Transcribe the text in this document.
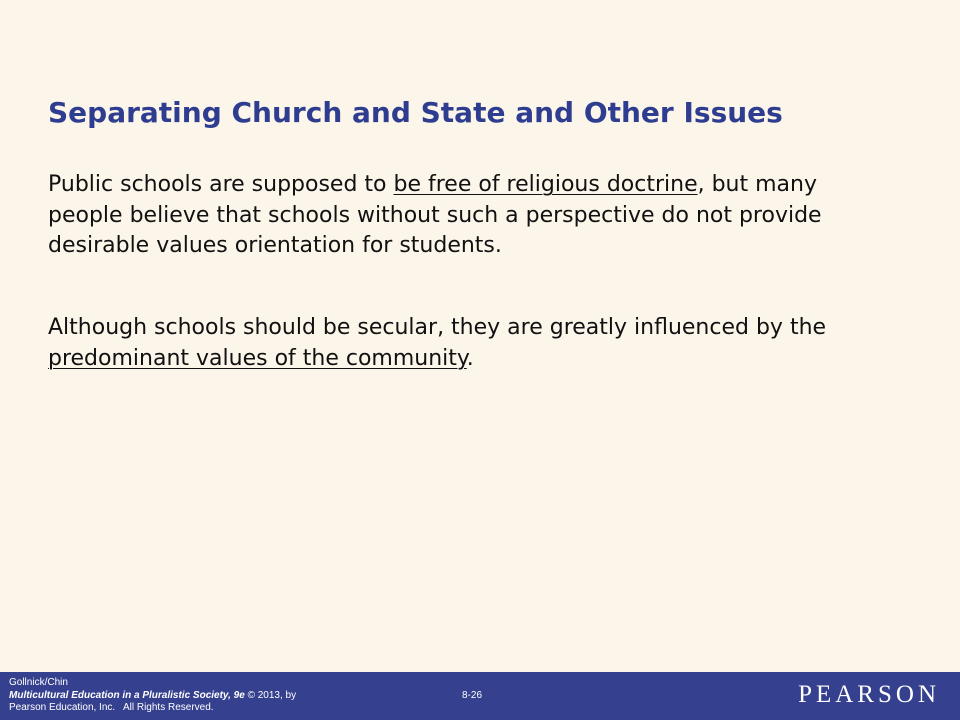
Separating Church and State and Other Issues

Public schools are supposed to be free of religious doctrine, but many people believe that schools without such a perspective do not provide desirable values orientation for students.

Although schools should be secular, they are greatly influenced by the predominant values of the community.

Gollnick/Chin
Multicultural Education in a Pluralistic Society, 9e © 2013, by
Pearson Education, Inc.   All Rights Reserved.
8-26	PEARSON
